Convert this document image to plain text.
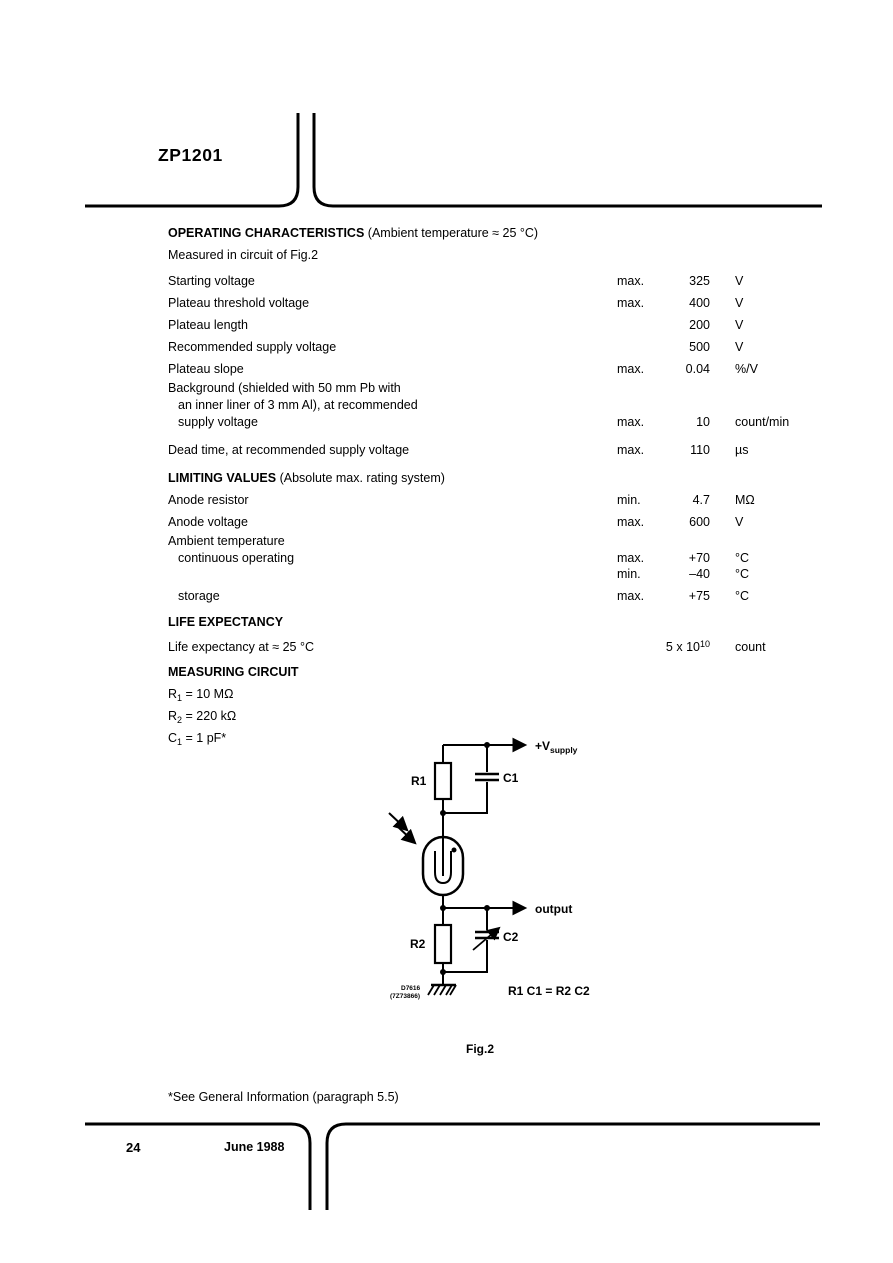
ZP1201
OPERATING CHARACTERISTICS (Ambient temperature ≈ 25 °C)
Measured in circuit of Fig.2
Starting voltage	max.	325	V
Plateau threshold voltage	max.	400	V
Plateau length	200	V
Recommended supply voltage	500	V
Plateau slope	max.	0.04	%/V
Background (shielded with 50 mm Pb with
an inner liner of 3 mm Al), at recommended
supply voltage	max.	10	count/min
Dead time, at recommended supply voltage	max.	110	µs
LIMITING VALUES (Absolute max. rating system)
Anode resistor	min.	4.7	MΩ
Anode voltage	max.	600	V
Ambient temperature
continuous operating	max.	+70	°C
min.	–40	°C
storage	max.	+75	°C
LIFE EXPECTANCY
Life expectancy at ≈ 25 °C	5 x $10^{10}$	count
MEASURING CIRCUIT
$R_1 = 10$ MΩ
$R_2 = 220$ kΩ
$C_1 = 1$ pF*
R1	C1
R2	C2
$+V_{supply}$
output
R1 C1 = R2 C2
D7616
(7Z73866)
Fig.2
*See General Information (paragraph 5.5)
24	June 1988
